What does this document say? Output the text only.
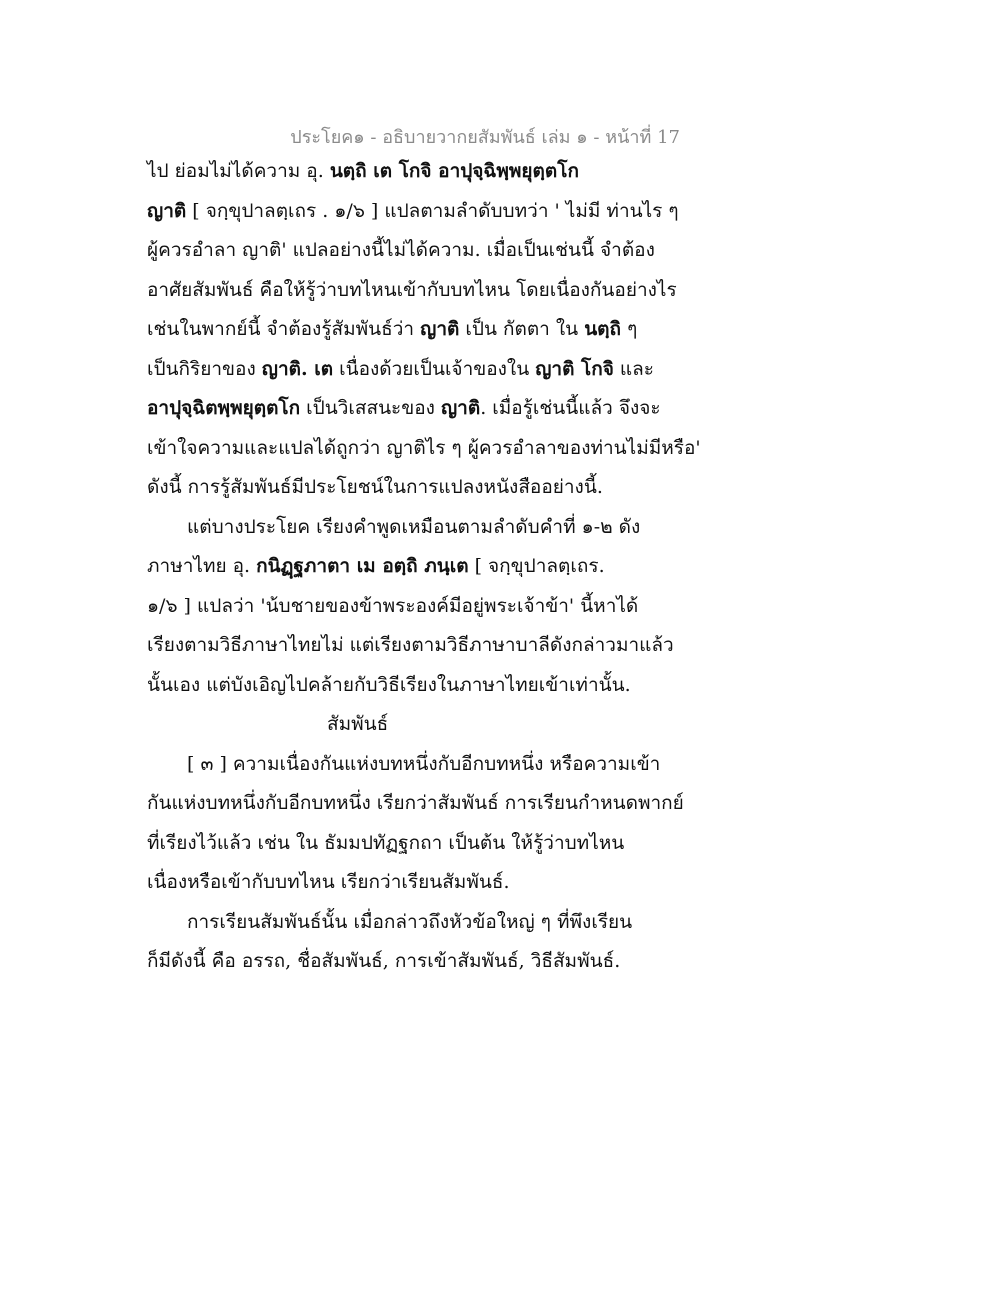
ประโยค๑ - อธิบายวากยสัมพันธ์ เล่ม ๑ - หน้าที่ 17
ไป ย่อมไม่ได้ความ อุ. นตฺถิ เต โกจิ อาปุจฺฉิพฺพยุตฺตโก
ญาติ [ จกฺขุปาลตฺเถร . ๑/๖ ] แปลตามลำดับบทว่า ' ไม่มี ท่านไร ๆ
ผู้ควรอำลา ญาติ' แปลอย่างนี้ไม่ได้ความ. เมื่อเป็นเช่นนี้ จำต้อง
อาศัยสัมพันธ์ คือให้รู้ว่าบทไหนเข้ากับบทไหน โดยเนื่องกันอย่างไร
เช่นในพากย์นี้ จำต้องรู้สัมพันธ์ว่า ญาติ เป็น กัตตา ใน นตฺถิ ๆ
เป็นกิริยาของ ญาติ. เต เนื่องด้วยเป็นเจ้าของใน ญาติ โกจิ และ
อาปุจฺฉิตพฺพยุตฺตโก เป็นวิเสสนะของ ญาติ. เมื่อรู้เช่นนี้แล้ว จึงจะ
เข้าใจความและแปลได้ถูกว่า ญาติไร ๆ ผู้ควรอำลาของท่านไม่มีหรือ'
ดังนี้ การรู้สัมพันธ์มีประโยชน์ในการแปลงหนังสืออย่างนี้.
แต่บางประโยค เรียงคำพูดเหมือนตามลำดับคำที่ ๑-๒ ดัง
ภาษาไทย อุ. กนิฏฺฐภาตา เม อตฺถิ ภนฺเต [ จกฺขุปาลตฺเถร.
๑/๖ ] แปลว่า 'น้บชายของข้าพระองค์มีอยู่พระเจ้าข้า' นี้หาได้
เรียงตามวิธีภาษาไทยไม่ แต่เรียงตามวิธีภาษาบาลีดังกล่าวมาแล้ว
นั้นเอง แต่บังเอิญไปคล้ายกับวิธีเรียงในภาษาไทยเข้าเท่านั้น.
สัมพันธ์
[ ๓ ] ความเนื่องกันแห่งบทหนึ่งกับอีกบทหนึ่ง หรือความเข้า
กันแห่งบทหนึ่งกับอีกบทหนึ่ง เรียกว่าสัมพันธ์ การเรียนกำหนดพากย์
ที่เรียงไว้แล้ว เช่น ใน ธัมมปทัฏฐกถา เป็นต้น ให้รู้ว่าบทไหน
เนื่องหรือเข้ากับบทไหน เรียกว่าเรียนสัมพันธ์.
การเรียนสัมพันธ์นั้น เมื่อกล่าวถึงหัวข้อใหญ่ ๆ ที่พึงเรียน
ก็มีดังนี้ คือ อรรถ, ชื่อสัมพันธ์, การเข้าสัมพันธ์, วิธีสัมพันธ์.
